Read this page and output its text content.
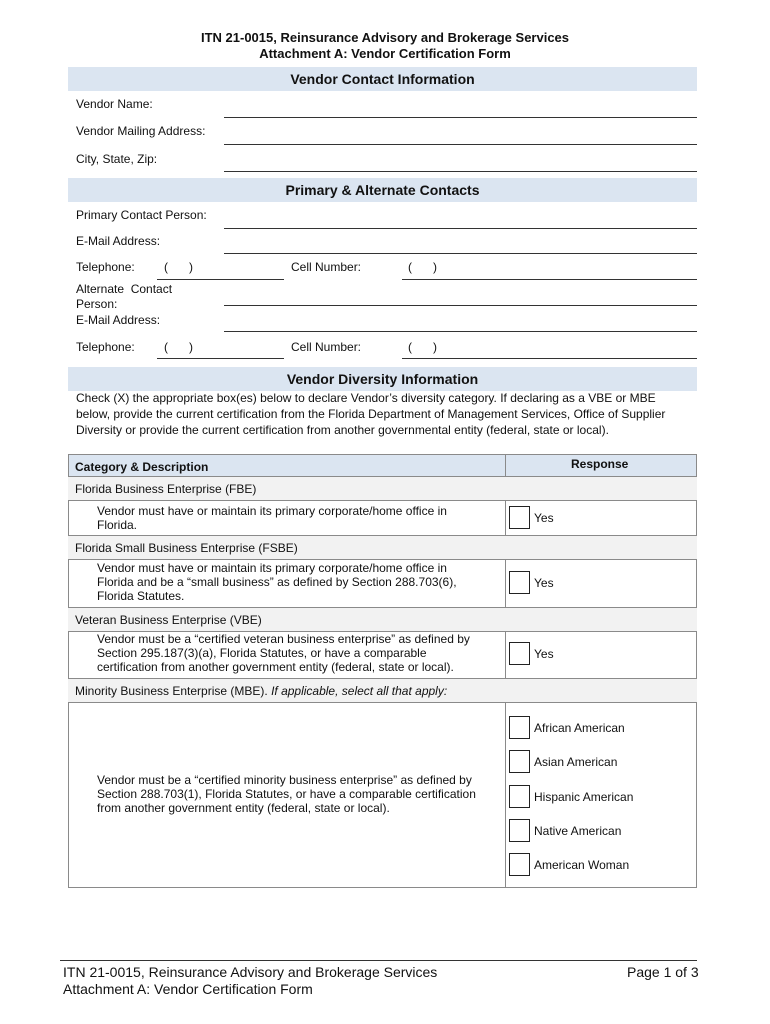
ITN 21-0015, Reinsurance Advisory and Brokerage Services
Attachment A: Vendor Certification Form
Vendor Contact Information
Vendor Name:
Vendor Mailing Address:
City, State, Zip:
Primary & Alternate Contacts
Primary Contact Person:
E-Mail Address:
Telephone: ( )	Cell Number:	( )
Alternate  Contact
Person:
E-Mail Address:
Telephone: ( )	Cell Number:	( )
Vendor Diversity Information
Check (X) the appropriate box(es) below to declare Vendor’s diversity category. If declaring as a VBE or MBE
below, provide the current certification from the Florida Department of Management Services, Office of Supplier
Diversity or provide the current certification from another governmental entity (federal, state or local).
Category & Description	Response
Florida Business Enterprise (FBE)
Vendor must have or maintain its primary corporate/home office in
Florida.	Yes
Florida Small Business Enterprise (FSBE)
Vendor must have or maintain its primary corporate/home office in
Florida and be a “small business” as defined by Section 288.703(6),
Florida Statutes.
Yes
Veteran Business Enterprise (VBE)
Vendor must be a “certified veteran business enterprise” as defined by
Section 295.187(3)(a), Florida Statutes, or have a comparable
certification from another government entity (federal, state or local).
Yes
Minority Business Enterprise (MBE). If applicable, select all that apply:
Vendor must be a “certified minority business enterprise” as defined by
Section 288.703(1), Florida Statutes, or have a comparable certification
from another government entity (federal, state or local).
African American
Asian American
Hispanic American
Native American
American Woman
ITN 21-0015, Reinsurance Advisory and Brokerage Services
Attachment A: Vendor Certification Form
Page 1 of 3
